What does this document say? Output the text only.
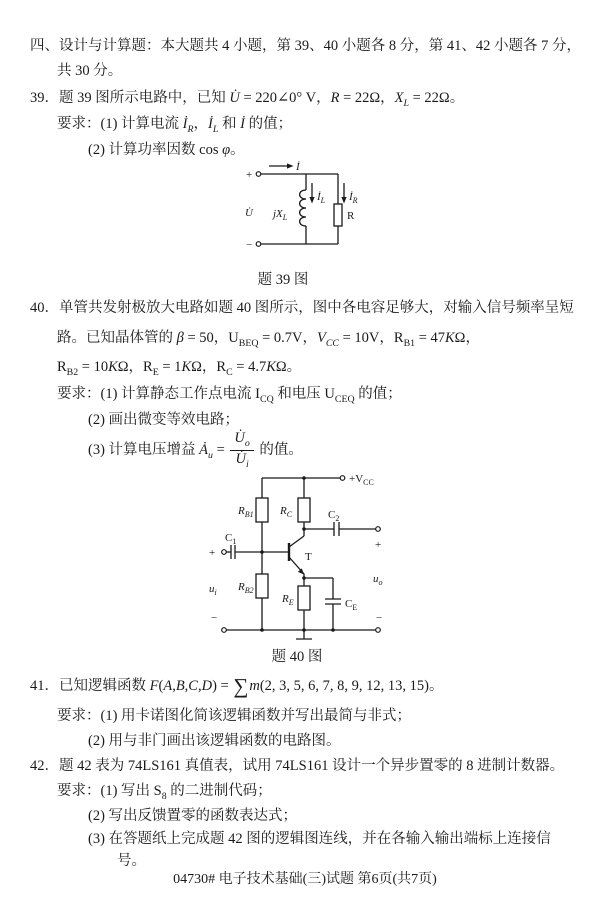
四、设计与计算题：本大题共 4 小题，第 39、40 小题各 8 分，第 41、42 小题各 7 分，
共 30 分。
39．题 39 图所示电路中，已知 U̇ = 220∠0° V，R = 22Ω，$X_L = 22\Omega$。
要求：(1) 计算电流 $İ_R$，$İ_L$ 和 İ 的值；
(2) 计算功率因数 cos φ。
+
−
U̇
İ
$İ_L$ $İ_R$
$jX_L$	R
题 39 图
40．单管共发射极放大电路如题 40 图所示，图中各电容足够大，对输入信号频率呈短
路。已知晶体管的 β = 50，$U_{BEQ} = 0.7V$，$V_{CC} = 10V$，$R_{B1} = 47K\Omega$，
$R_{B2} = 10K\Omega$，$R_E = 1K\Omega$，$R_C = 4.7K\Omega$。
要求：(1) 计算静态工作点电流 $I_{CQ}$ 和电压 $U_{CEQ}$ 的值；
(2) 画出微变等效电路；
(3) 计算电压增益 $Ȧ_u = \frac{U̇_o}{U̇_i}$ 的值。
$+V_{CC}$
$R_{B1}$ $R_C$
$C_1$
$C_2$
$R_{B2}$
$R_E$	$C_E$
T
+
$u_i$
−
+
$u_o$
−
题 40 图
41．已知逻辑函数 F(A,B,C,D) = ∑m(2, 3, 5, 6, 7, 8, 9, 12, 13, 15)。
要求：(1) 用卡诺图化简该逻辑函数并写出最简与非式；
(2) 用与非门画出该逻辑函数的电路图。
42．题 42 表为 74LS161 真值表，试用 74LS161 设计一个异步置零的 8 进制计数器。
要求：(1) 写出 $S_8$ 的二进制代码；
(2) 写出反馈置零的函数表达式；
(3) 在答题纸上完成题 42 图的逻辑图连线，并在各输入输出端标上连接信
号。
04730# 电子技术基础(三)试题 第6页(共7页)
